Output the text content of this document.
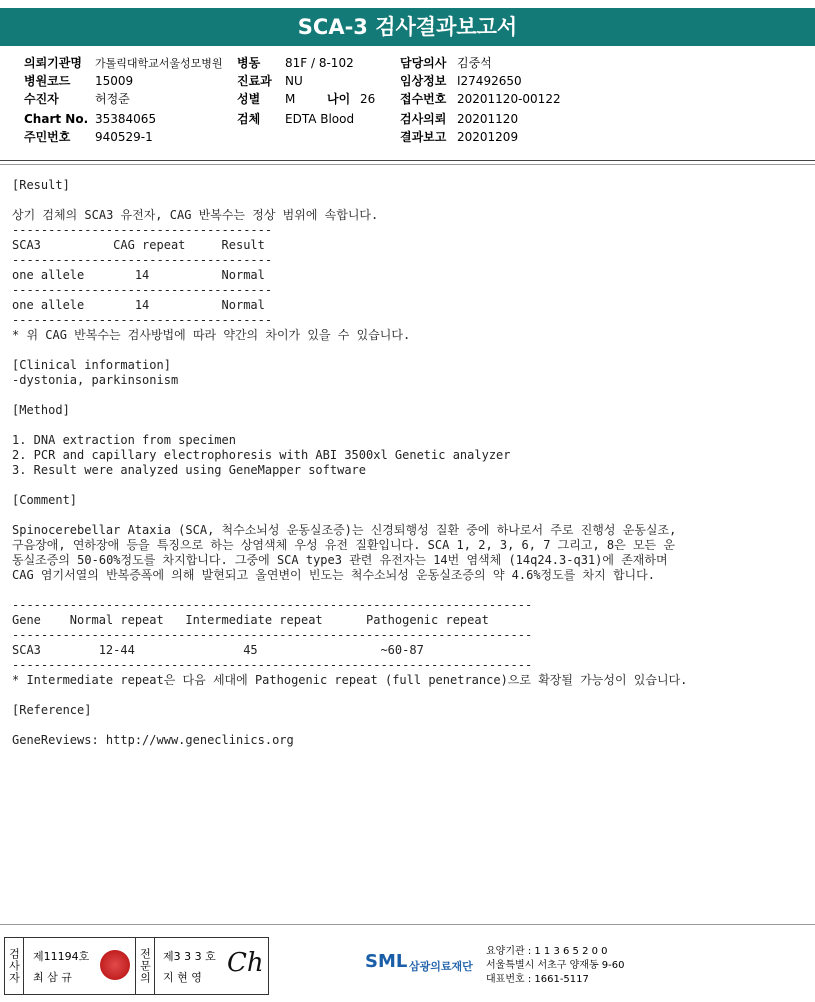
SCA-3 검사결과보고서
의뢰기관명 가톨릭대학교서울성모병원 병동 81F / 8-102	담당의사 김중석
병원코드 15009	진료과 NU	임상정보 I27492650
수진자	허정준	성별 M	나이 26 접수번호 20201120-00122
Chart No. 35384065	검체 EDTA Blood	검사의뢰 20201120
주민번호 940529-1	결과보고 20201209
[Result]

상기 검체의 SCA3 유전자, CAG 반복수는 정상 범위에 속합니다.
------------------------------------
SCA3          CAG repeat     Result
------------------------------------
one allele       14          Normal
------------------------------------
one allele       14          Normal
------------------------------------
* 위 CAG 반복수는 검사방법에 따라 약간의 차이가 있을 수 있습니다.

[Clinical information]
-dystonia, parkinsonism

[Method]

1. DNA extraction from specimen
2. PCR and capillary electrophoresis with ABI 3500xl Genetic analyzer
3. Result were analyzed using GeneMapper software

[Comment]

Spinocerebellar Ataxia (SCA, 척수소뇌성 운동실조증)는 신경퇴행성 질환 중에 하나로서 주로 진행성 운동실조,
구음장애, 연하장애 등을 특징으로 하는 상염색체 우성 유전 질환입니다. SCA 1, 2, 3, 6, 7 그리고, 8은 모든 운
동실조증의 50-60%정도를 차지합니다. 그중에 SCA type3 관련 유전자는 14번 염색체 (14q24.3-q31)에 존재하며
CAG 염기서열의 반복증폭에 의해 발현되고 올연변이 빈도는 척수소뇌성 운동실조증의 약 4.6%정도를 차지 합니다.

------------------------------------------------------------------------
Gene    Normal repeat   Intermediate repeat      Pathogenic repeat
------------------------------------------------------------------------
SCA3        12-44               45                 ~60-87
------------------------------------------------------------------------
* Intermediate repeat은 다음 세대에 Pathogenic repeat (full penetrance)으로 확장될 가능성이 있습니다.

[Reference]

GeneReviews: http://www.geneclinics.org
검사자 제11194호
최 삼 규	전문의 제3 3 3 호
지 현 영 Ch	SML 삼광의료재단
요양기관 : 1 1 3 6 5 2 0 0
서울특별시 서초구 양재동 9-60
대표번호 : 1661-5117
